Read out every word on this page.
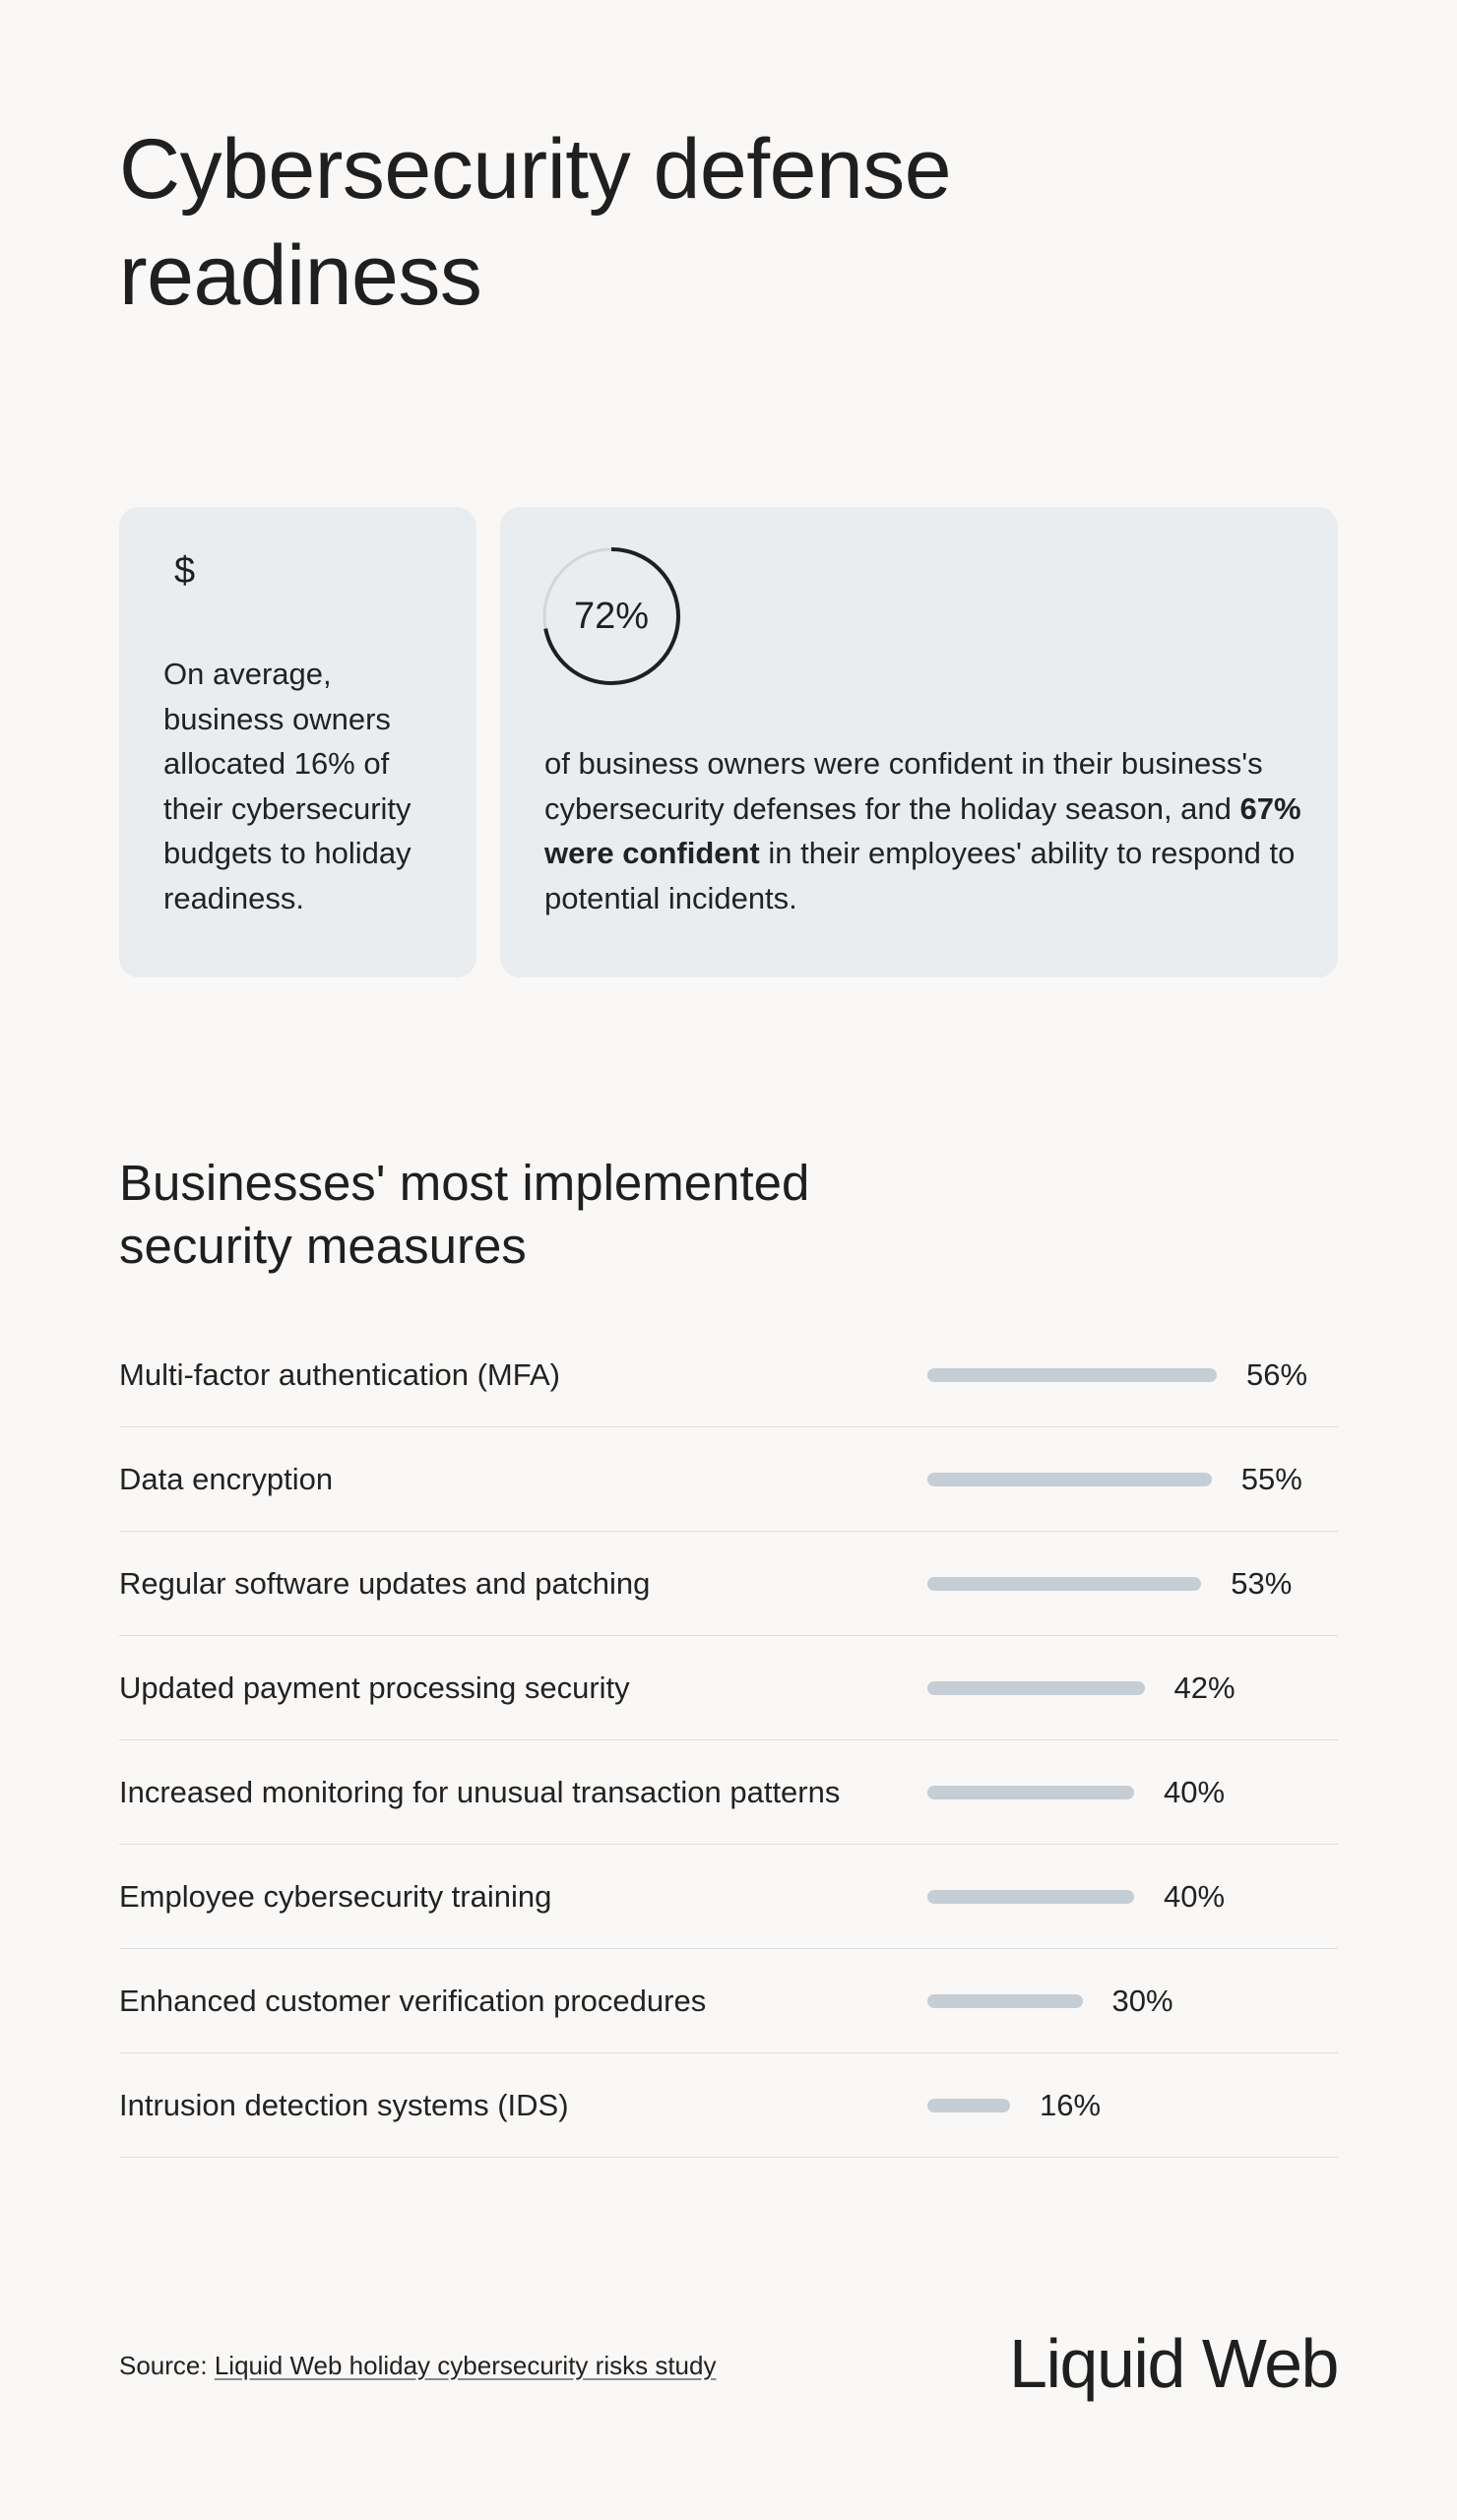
Cybersecurity defense readiness
$
On average, business owners allocated 16% of their cybersecurity budgets to holiday readiness.
72%
of business owners were confident in their business's cybersecurity defenses for the holiday season, and 67% were confident in their employees' ability to respond to potential incidents.
Businesses' most implemented security measures
Multi-factor authentication (MFA)	56%
Data encryption	55%
Regular software updates and patching	53%
Updated payment processing security	42%
Increased monitoring for unusual transaction patterns	40%
Employee cybersecurity training	40%
Enhanced customer verification procedures	30%
Intrusion detection systems (IDS)	16%
Source: Liquid Web holiday cybersecurity risks study	Liquid Web
